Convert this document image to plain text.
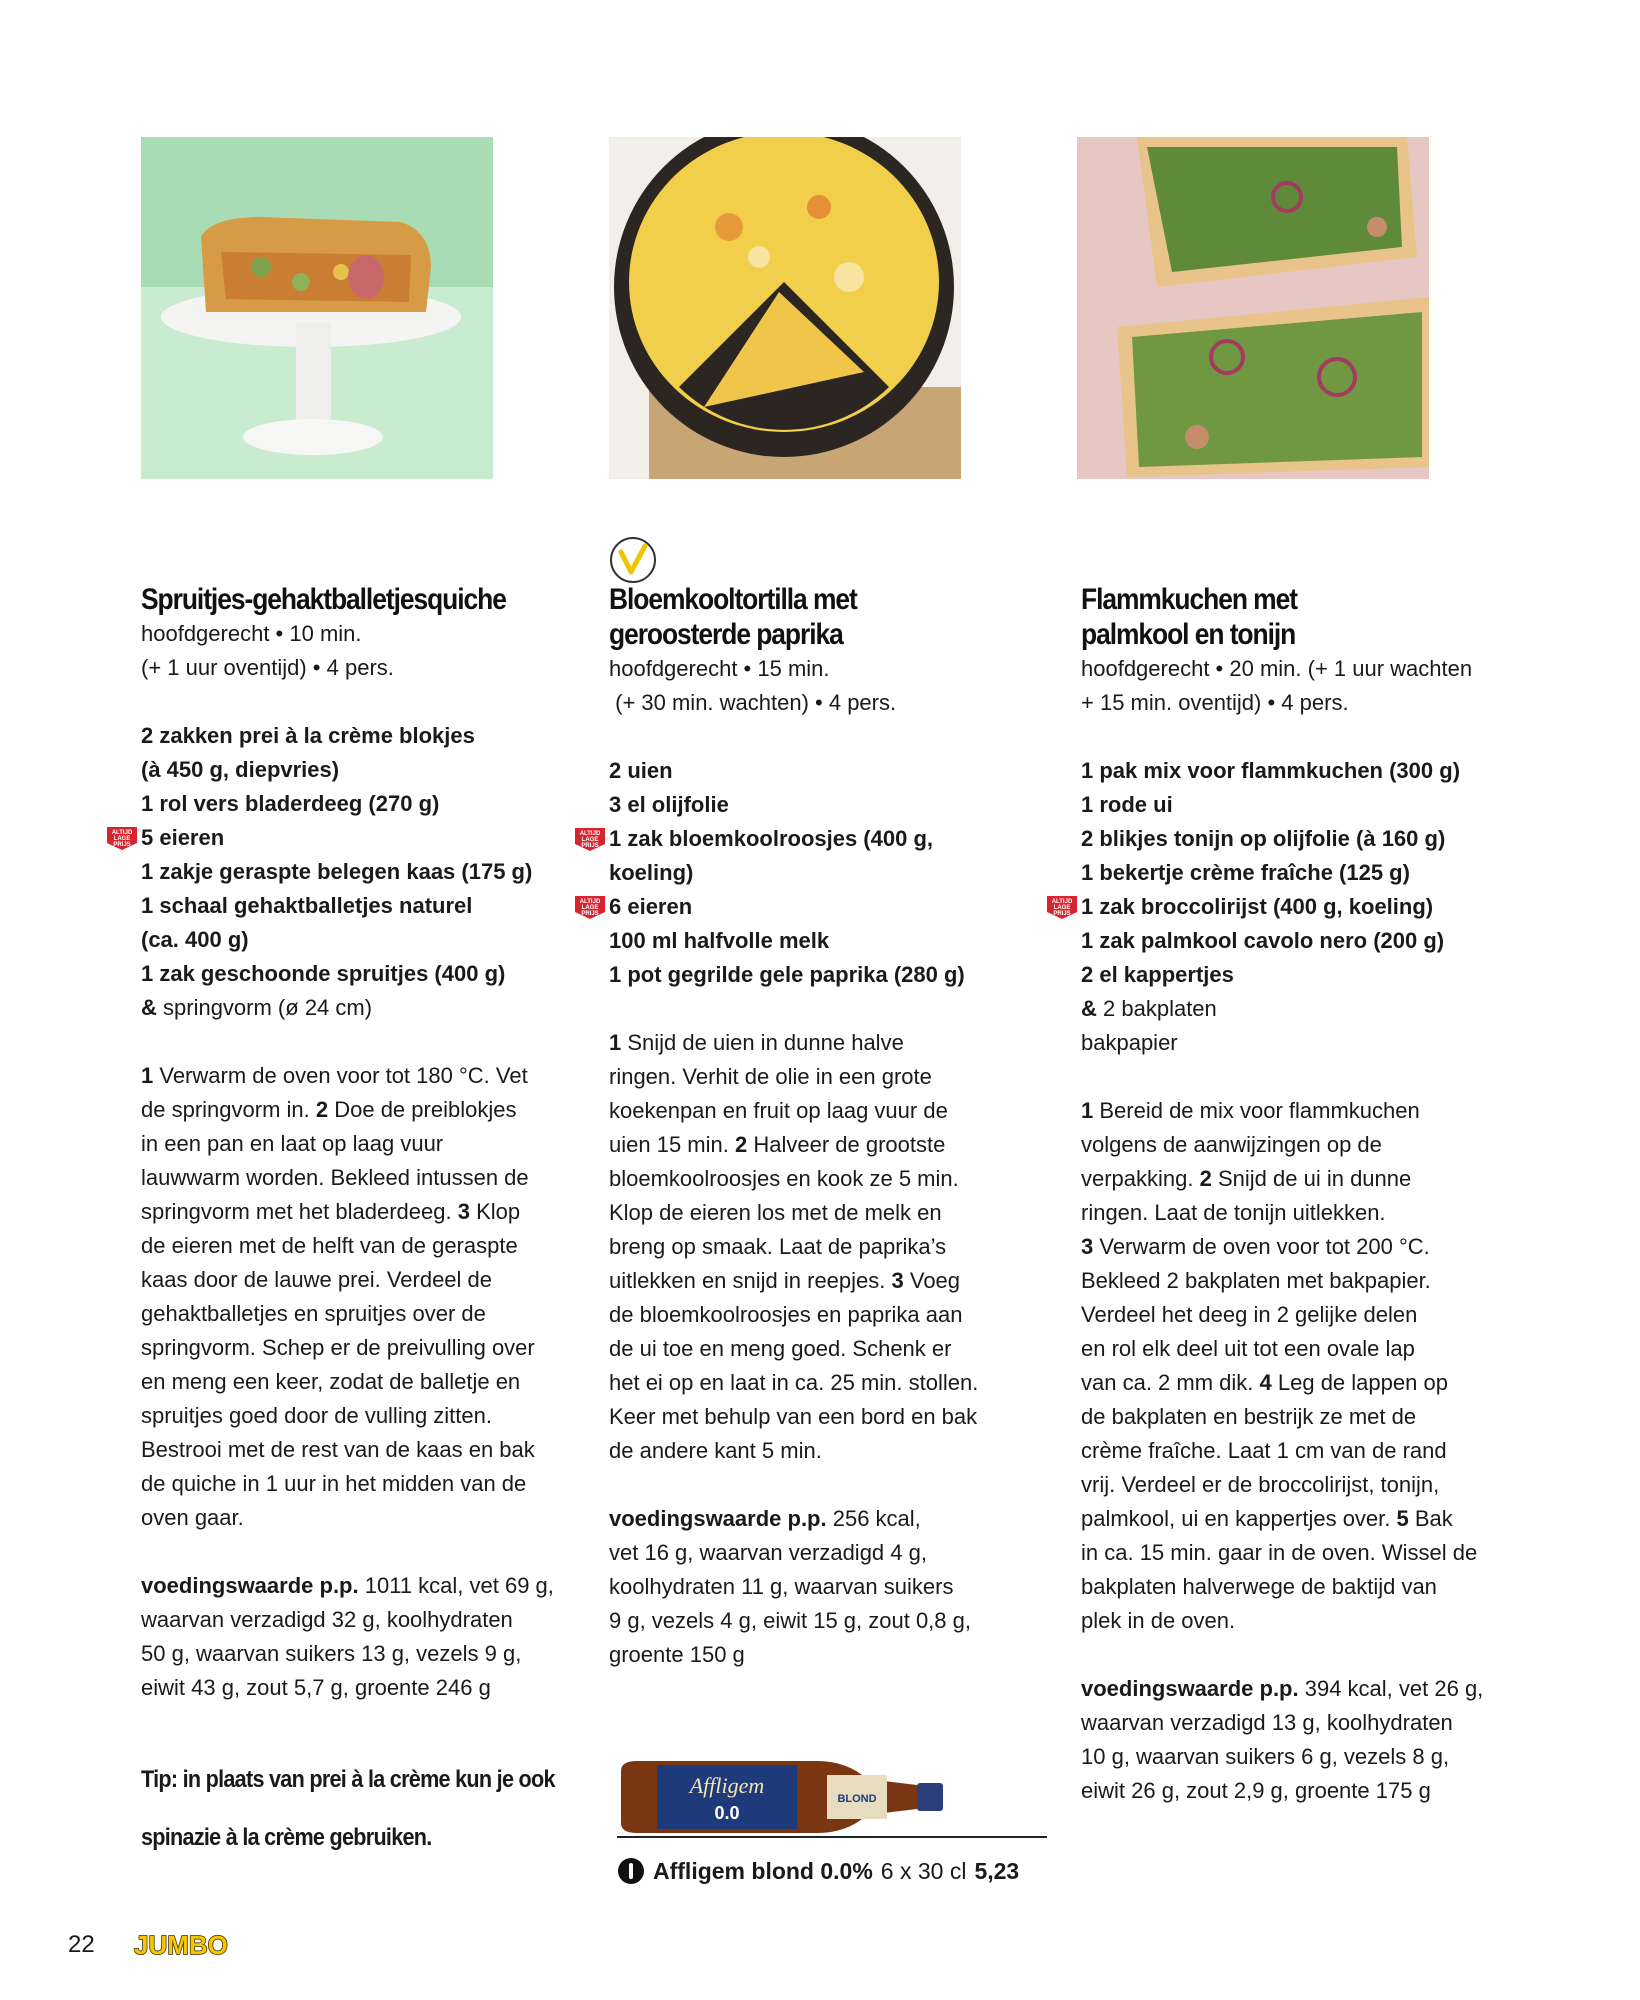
Spruitjes-gehaktballetjesquiche

hoofdgerecht • 10 min.

(+ 1 uur oventijd) • 4 pers.

2 zakken prei à la crème blokjes

(à 450 g, diepvries)

1 rol vers bladerdeeg (270 g)

ALTIJD
LAGE
PRIJS 5 eieren

1 zakje geraspte belegen kaas (175 g)

1 schaal gehaktballetjes naturel

(ca. 400 g)

1 zak geschoonde spruitjes (400 g)

& springvorm (ø 24 cm)

1 Verwarm de oven voor tot 180 °C. Vet

de springvorm in. 2 Doe de preiblokjes

in een pan en laat op laag vuur

lauwwarm worden. Bekleed intussen de

springvorm met het bladerdeeg. 3 Klop

de eieren met de helft van de geraspte

kaas door de lauwe prei. Verdeel de

gehaktballetjes en spruitjes over de

springvorm. Schep er de preivulling over

en meng een keer, zodat de balletje en

spruitjes goed door de vulling zitten.

Bestrooi met de rest van de kaas en bak

de quiche in 1 uur in het midden van de

oven gaar.

voedingswaarde p.p. 1011 kcal, vet 69 g,

waarvan verzadigd 32 g, koolhydraten

50 g, waarvan suikers 13 g, vezels 9 g,

eiwit 43 g, zout 5,7 g, groente 246 g

Tip: in plaats van prei à la crème kun je ook

spinazie à la crème gebruiken.

Bloemkooltortilla met
geroosterde paprika

hoofdgerecht • 15 min.

(+ 30 min. wachten) • 4 pers.

2 uien

3 el olijfolie

ALTIJD
LAGE
PRIJS 1 zak bloemkoolroosjes (400 g,

koeling)

ALTIJD
LAGE
PRIJS 6 eieren

100 ml halfvolle melk

1 pot gegrilde gele paprika (280 g)

1 Snijd de uien in dunne halve

ringen. Verhit de olie in een grote

koekenpan en fruit op laag vuur de

uien 15 min. 2 Halveer de grootste

bloemkoolroosjes en kook ze 5 min.

Klop de eieren los met de melk en

breng op smaak. Laat de paprika’s

uitlekken en snijd in reepjes. 3 Voeg

de bloemkoolroosjes en paprika aan

de ui toe en meng goed. Schenk er

het ei op en laat in ca. 25 min. stollen.

Keer met behulp van een bord en bak

de andere kant 5 min.

voedingswaarde p.p. 256 kcal,

vet 16 g, waarvan verzadigd 4 g,

koolhydraten 11 g, waarvan suikers

9 g, vezels 4 g, eiwit 15 g, zout 0,8 g,

groente 150 g

Flammkuchen met
palmkool en tonijn

hoofdgerecht • 20 min. (+ 1 uur wachten

+ 15 min. oventijd) • 4 pers.

1 pak mix voor flammkuchen (300 g)

1 rode ui

2 blikjes tonijn op olijfolie (à 160 g)

1 bekertje crème fraîche (125 g)

ALTIJD
LAGE
PRIJS 1 zak broccolirijst (400 g, koeling)

1 zak palmkool cavolo nero (200 g)

2 el kappertjes

& 2 bakplaten

bakpapier

1 Bereid de mix voor flammkuchen

volgens de aanwijzingen op de

verpakking. 2 Snijd de ui in dunne

ringen. Laat de tonijn uitlekken.

3 Verwarm de oven voor tot 200 °C.

Bekleed 2 bakplaten met bakpapier.

Verdeel het deeg in 2 gelijke delen

en rol elk deel uit tot een ovale lap

van ca. 2 mm dik. 4 Leg de lappen op

de bakplaten en bestrijk ze met de

crème fraîche. Laat 1 cm van de rand

vrij. Verdeel er de broccolirijst, tonijn,

palmkool, ui en kappertjes over. 5 Bak

in ca. 15 min. gaar in de oven. Wissel de

bakplaten halverwege de baktijd van

plek in de oven.

voedingswaarde p.p. 394 kcal, vet 26 g,

waarvan verzadigd 13 g, koolhydraten

10 g, waarvan suikers 6 g, vezels 8 g,

eiwit 26 g, zout 2,9 g, groente 175 g

Affligem
0.0
BLOND
Affligem blond 0.0% 6 x 30 cl 5,23
22 JUMBO
